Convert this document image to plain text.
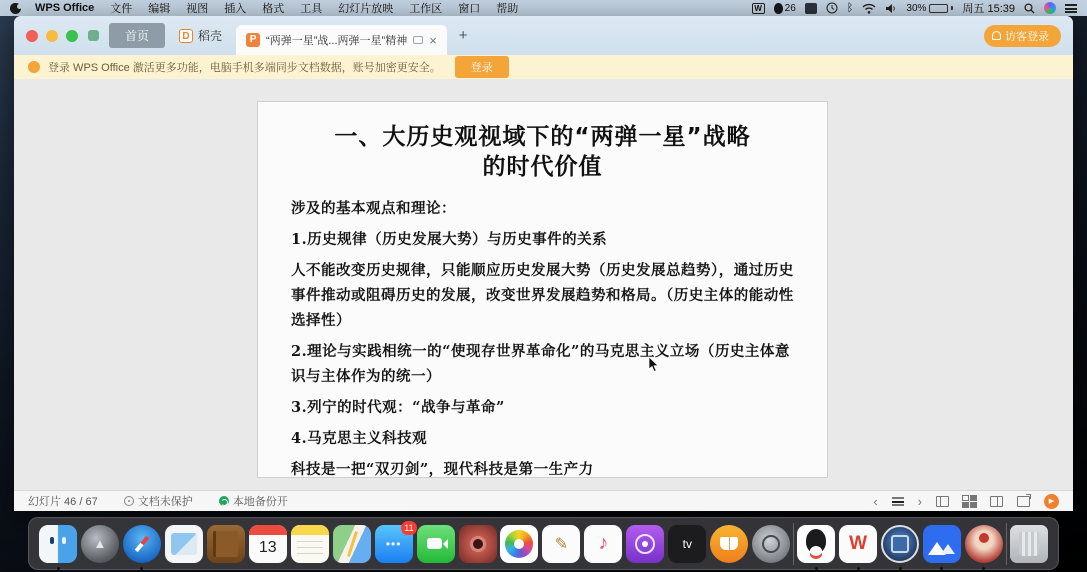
WPS Office 文件 编辑 视图 插入 格式 工具 幻灯片放映 工作区 窗口 帮助	W 26	ᛒ	30%	周五 15:39
首页	D 稻壳	P “两弹一星”战...两弹一星”精神 × +	访客登录
登录 WPS Office 激活更多功能，电脑手机多端同步文档数据，账号加密更安全。	登录
一、大历史观视域下的“两弹一星”战略
的时代价值

涉及的基本观点和理论：

1.历史规律（历史发展大势）与历史事件的关系

人不能改变历史规律，只能顺应历史发展大势（历史发展总趋势），通过历史事件推动或阻碍历史的发展，改变世界发展趋势和格局。（历史主体的能动性选择性）

2.理论与实践相统一的“使现存世界革命化”的马克思主义立场（历史主体意识与主体作为的统一）

3.列宁的时代观：“战争与革命”

4.马克思主义科技观

科技是一把“双刃剑”，现代科技是第一生产力

幻灯片 46 / 67	文档未保护	本地备份开	‹	›	▶
▲
13
11
•••
✎
♪
tv	W
